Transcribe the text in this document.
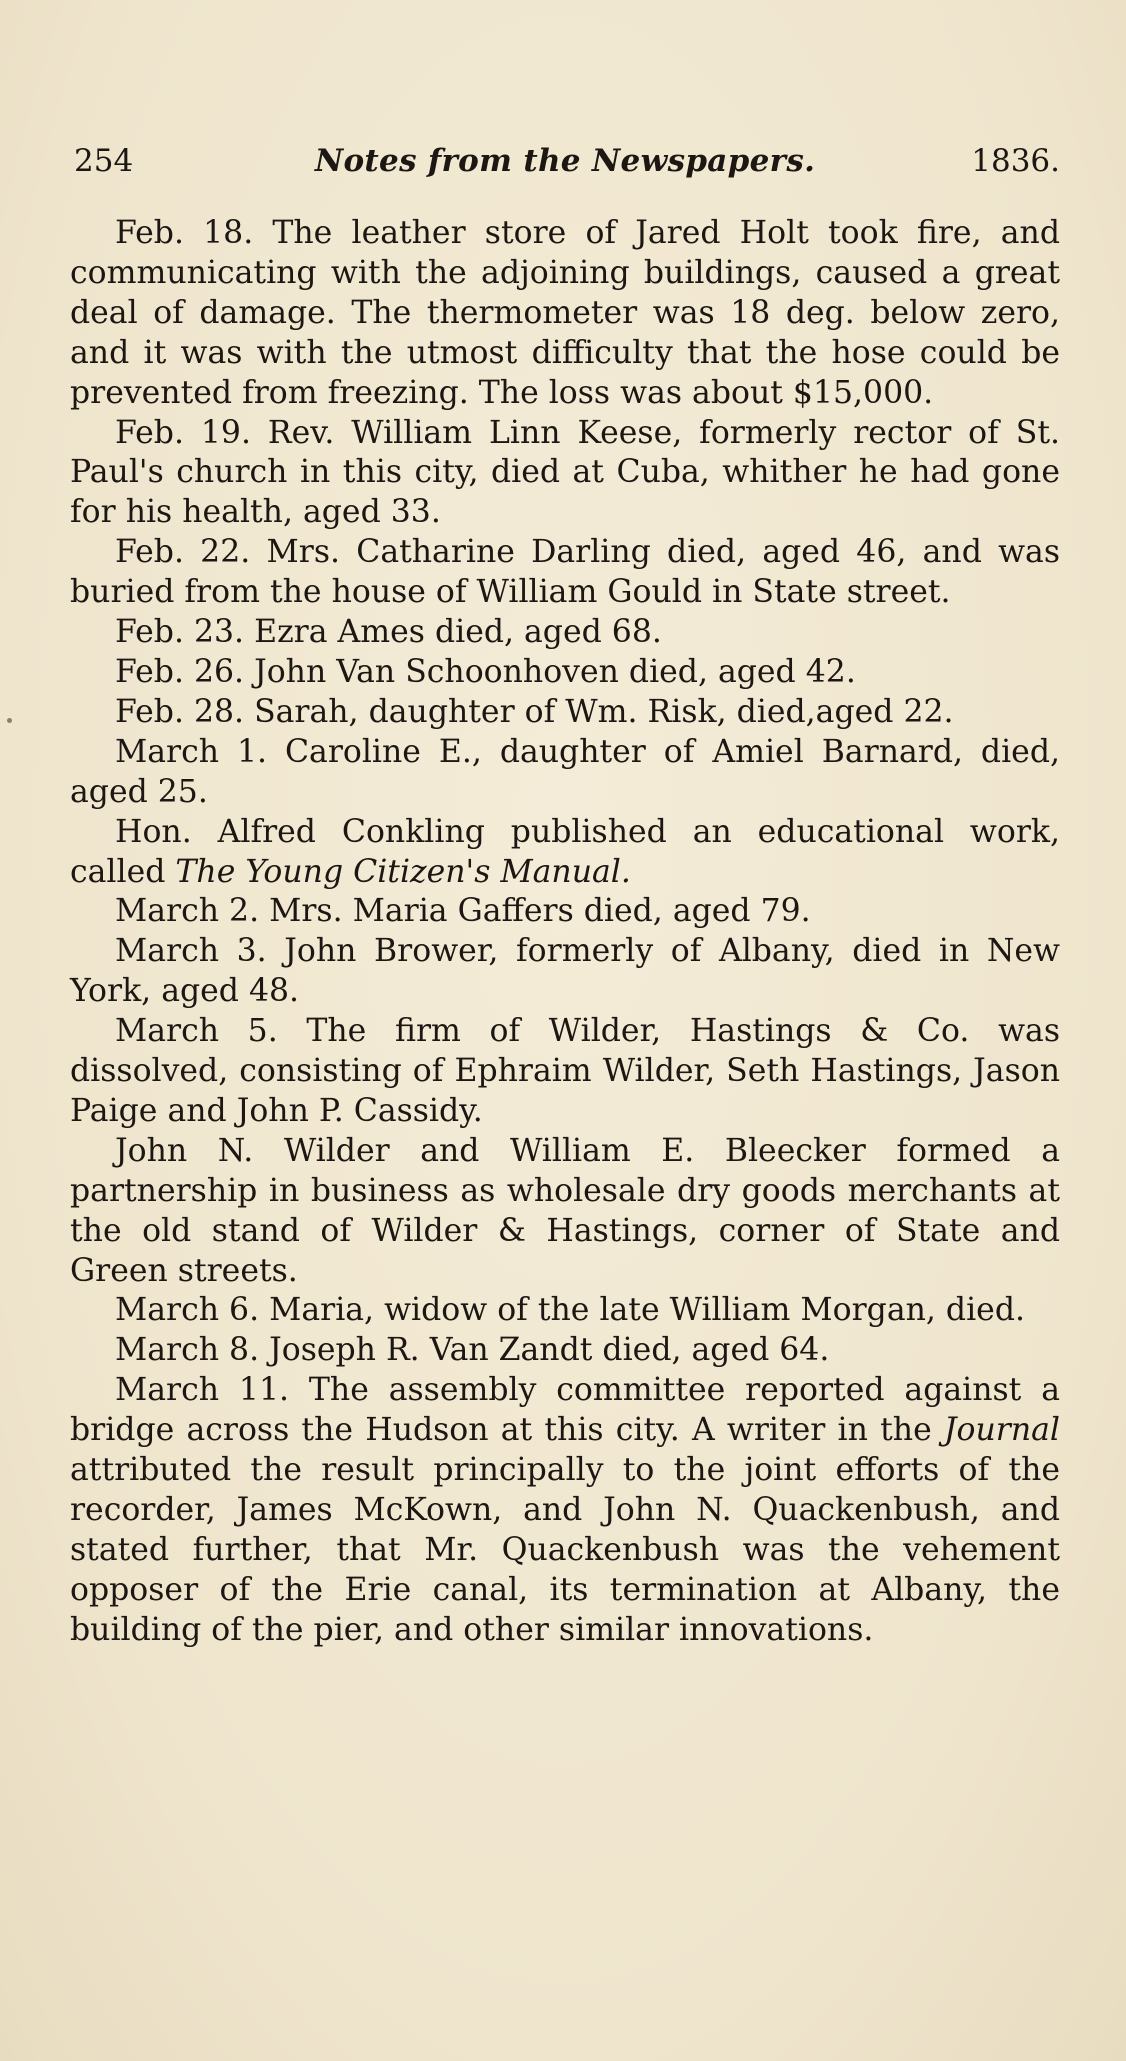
254	Notes from the Newspapers.	1836.

Feb. 18. The leather store of Jared Holt took fire, and communicating with the adjoining buildings, caused a great deal of damage. The thermometer was 18 deg. below zero, and it was with the utmost difficulty that the hose could be prevented from freezing. The loss was about $15,000.

Feb. 19. Rev. William Linn Keese, formerly rector of St. Paul's church in this city, died at Cuba, whither he had gone for his health, aged 33.

Feb. 22. Mrs. Catharine Darling died, aged 46, and was buried from the house of William Gould in State street.

Feb. 23. Ezra Ames died, aged 68.

Feb. 26. John Van Schoonhoven died, aged 42.

Feb. 28. Sarah, daughter of Wm. Risk, died,aged 22.

March 1. Caroline E., daughter of Amiel Barnard, died, aged 25.

Hon. Alfred Conkling published an educational work, called The Young Citizen's Manual.

March 2. Mrs. Maria Gaffers died, aged 79.

March 3. John Brower, formerly of Albany, died in New York, aged 48.

March 5. The firm of Wilder, Hastings & Co. was dissolved, consisting of Ephraim Wilder, Seth Hastings, Jason Paige and John P. Cassidy.

John N. Wilder and William E. Bleecker formed a partnership in business as wholesale dry goods merchants at the old stand of Wilder & Hastings, corner of State and Green streets.

March 6. Maria, widow of the late William Morgan, died.

March 8. Joseph R. Van Zandt died, aged 64.

March 11. The assembly committee reported against a bridge across the Hudson at this city. A writer in the Journal attributed the result principally to the joint efforts of the recorder, James McKown, and John N. Quackenbush, and stated further, that Mr. Quackenbush was the vehement opposer of the Erie canal, its termination at Albany, the building of the pier, and other similar innovations.
